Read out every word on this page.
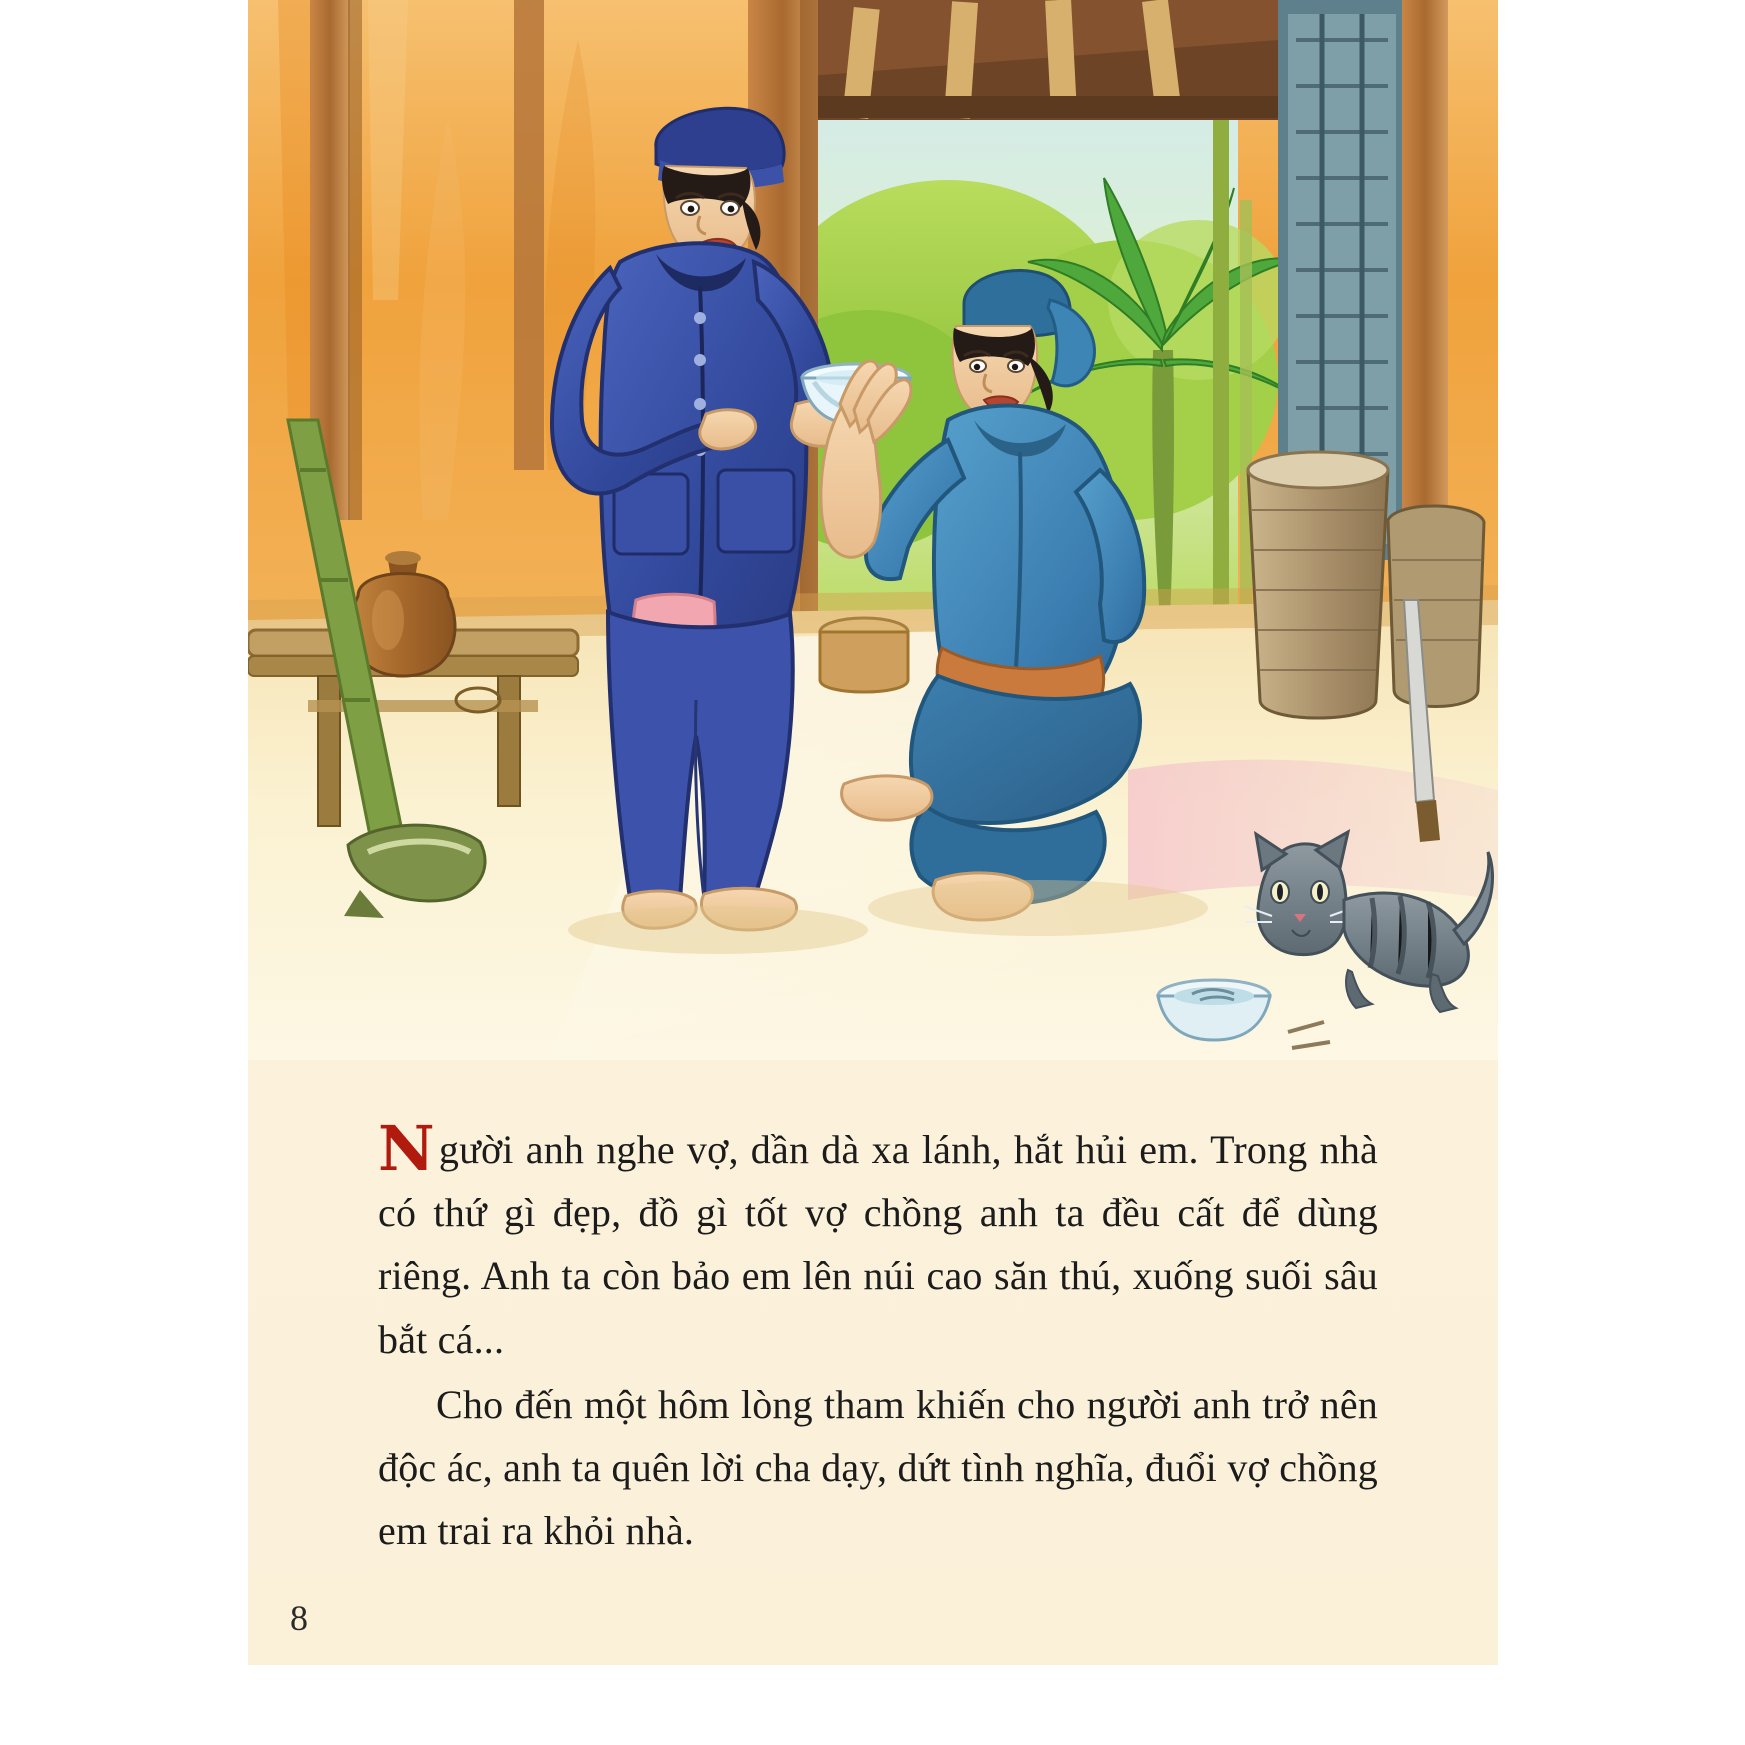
Người anh nghe vợ, dần dà xa lánh, hắt hủi em. Trong nhà có thứ gì đẹp, đồ gì tốt vợ chồng anh ta đều cất để dùng riêng. Anh ta còn bảo em lên núi cao săn thú, xuống suối sâu bắt cá...

Cho đến một hôm lòng tham khiến cho người anh trở nên độc ác, anh ta quên lời cha dạy, dứt tình nghĩa, đuổi vợ chồng em trai ra khỏi nhà.

8
